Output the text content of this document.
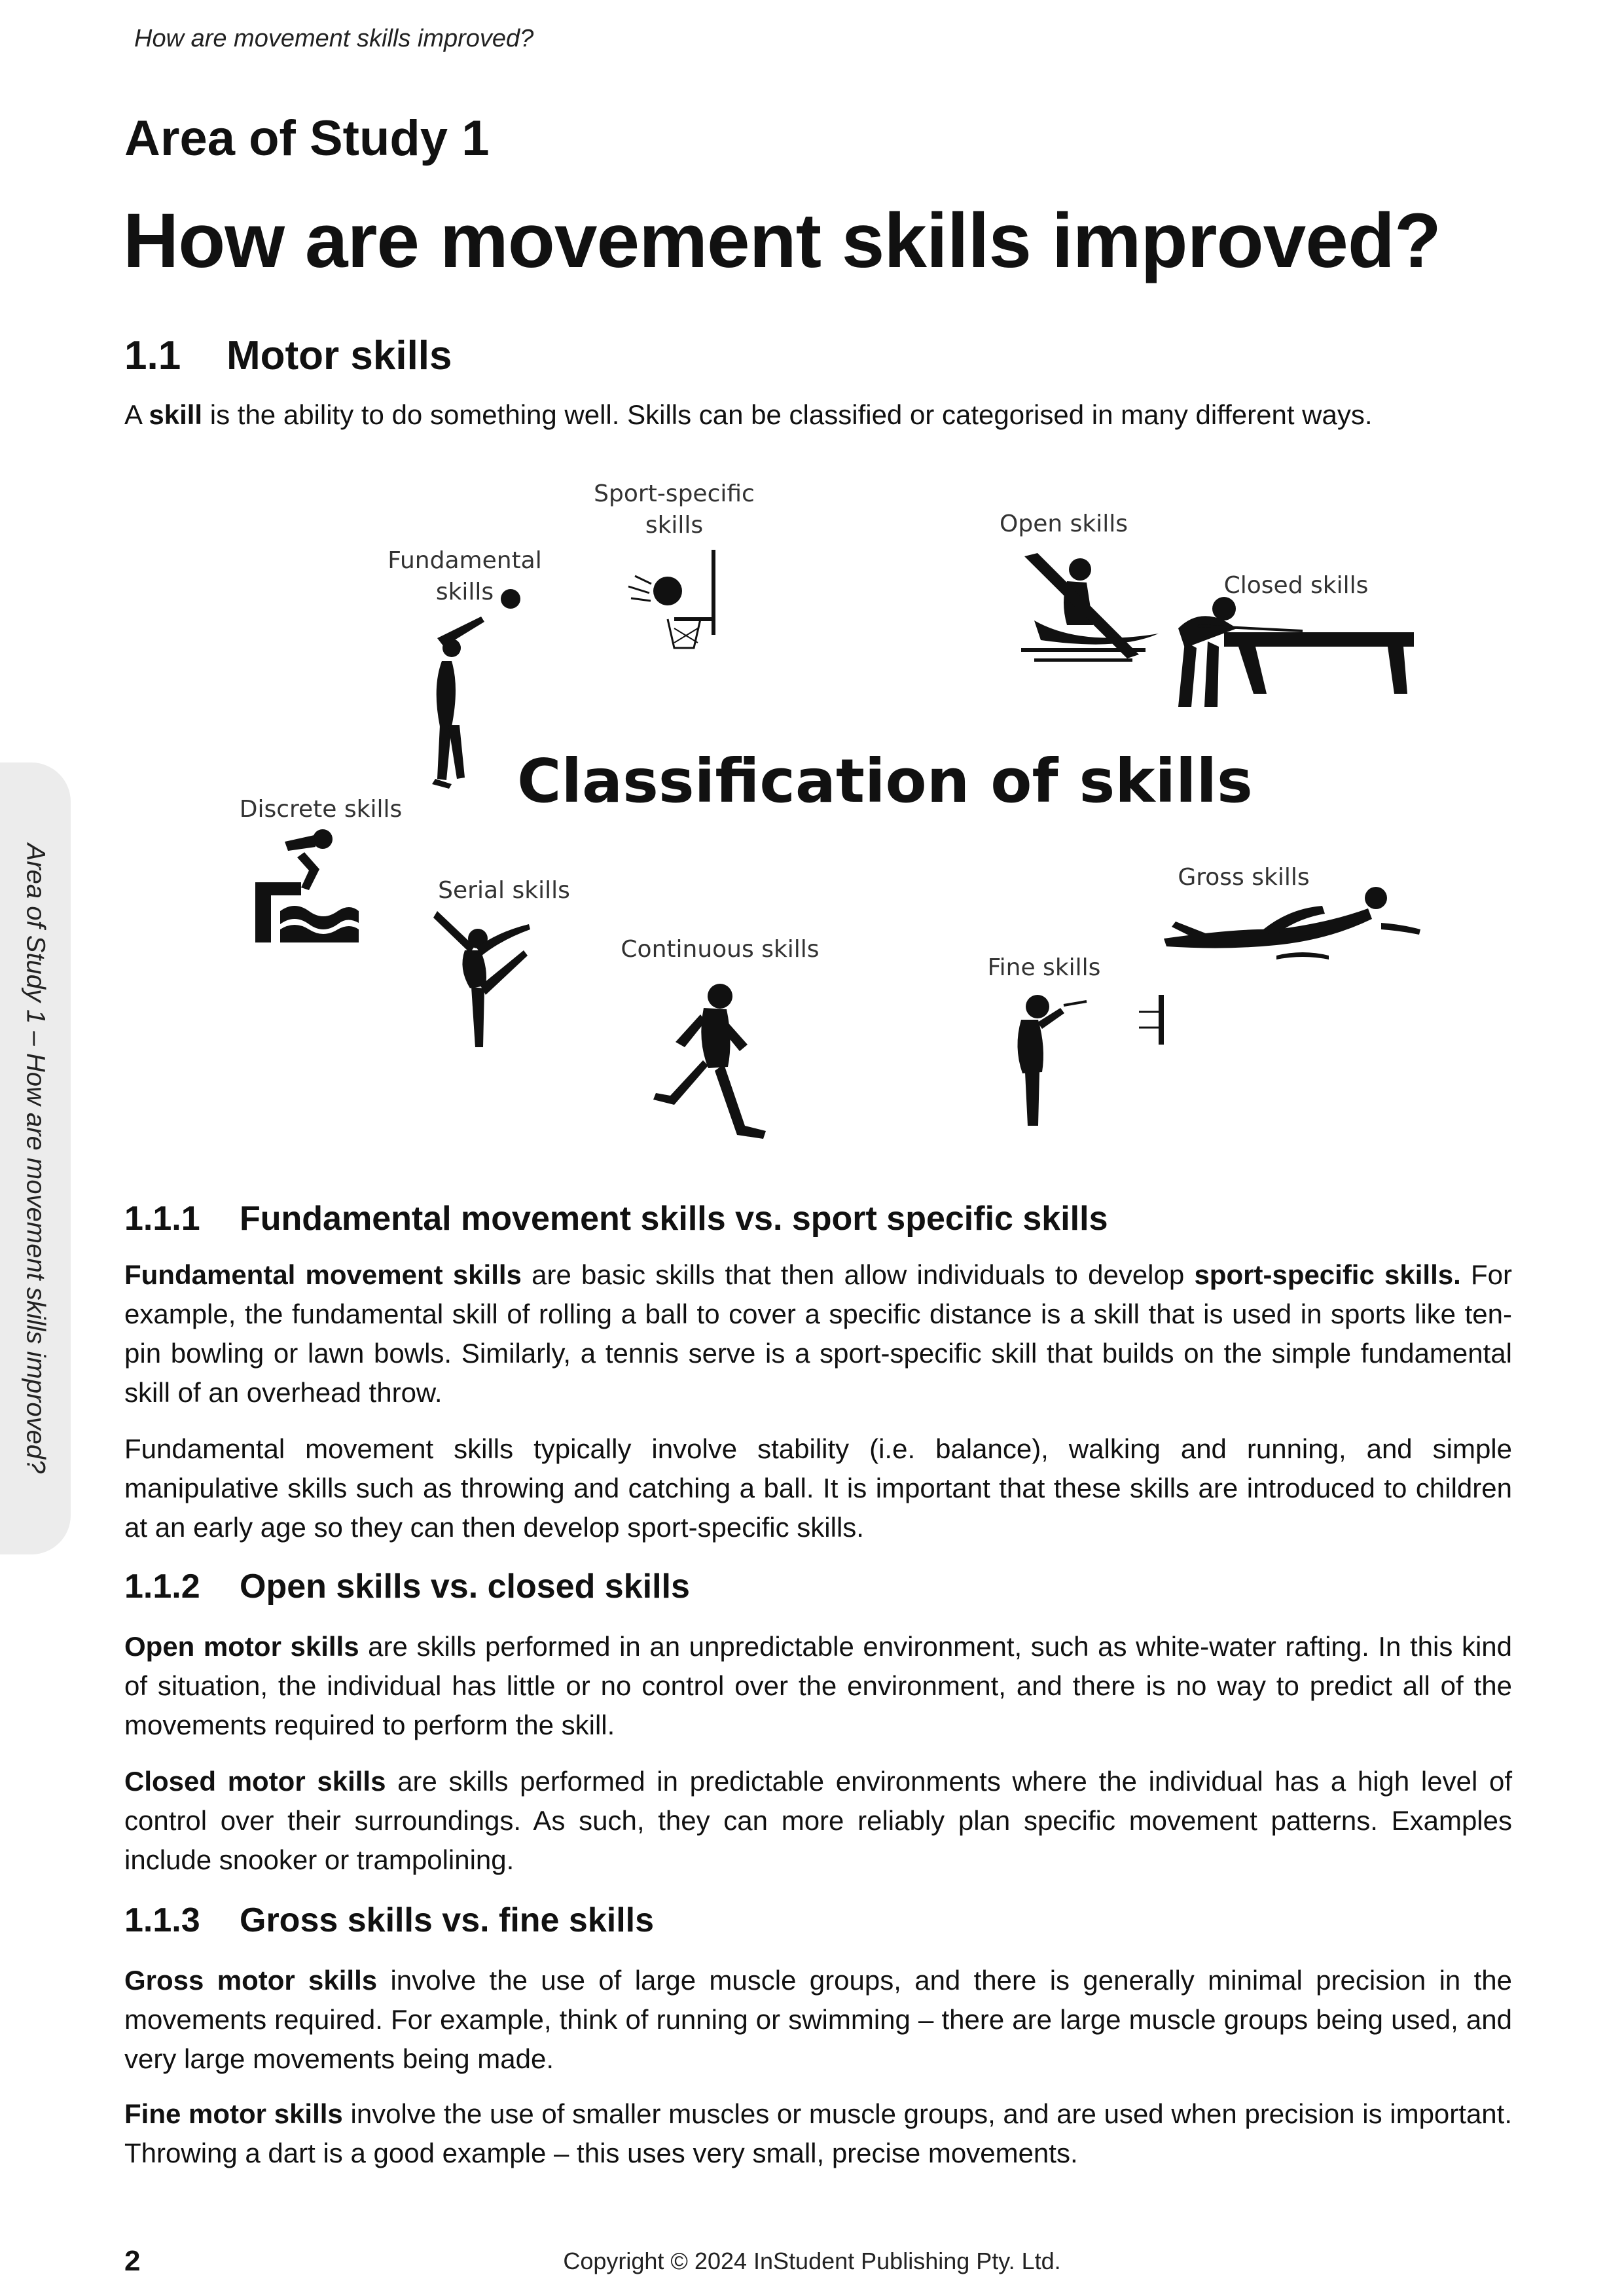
How are movement skills improved?
Area of Study 1 – How are movement skills improved?
Area of Study 1
How are movement skills improved?
1.1 Motor skills

A skill is the ability to do something well. Skills can be classified or categorised in many different ways.

Classification of skills
Fundamental
skills
Sport-specific
skills	Open skills
Closed skills
Discrete skills
Serial skills
Continuous skills
Fine skills
Gross skills
1.1.1 Fundamental movement skills vs. sport specific skills

Fundamental movement skills are basic skills that then allow individuals to develop sport-specific skills. For example, the fundamental skill of rolling a ball to cover a specific distance is a skill that is used in sports like ten-pin bowling or lawn bowls. Similarly, a tennis serve is a sport-specific skill that builds on the simple fundamental skill of an overhead throw.

Fundamental movement skills typically involve stability (i.e. balance), walking and running, and simple manipulative skills such as throwing and catching a ball. It is important that these skills are introduced to children at an early age so they can then develop sport-specific skills.

1.1.2 Open skills vs. closed skills

Open motor skills are skills performed in an unpredictable environment, such as white-water rafting. In this kind of situation, the individual has little or no control over the environment, and there is no way to predict all of the movements required to perform the skill.

Closed motor skills are skills performed in predictable environments where the individual has a high level of control over their surroundings. As such, they can more reliably plan specific movement patterns. Examples include snooker or trampolining.

1.1.3 Gross skills vs. fine skills

Gross motor skills involve the use of large muscle groups, and there is generally minimal precision in the movements required. For example, think of running or swimming – there are large muscle groups being used, and very large movements being made.

Fine motor skills involve the use of smaller muscles or muscle groups, and are used when precision is important. Throwing a dart is a good example – this uses very small, precise movements.

2	Copyright © 2024 InStudent Publishing Pty. Ltd.
